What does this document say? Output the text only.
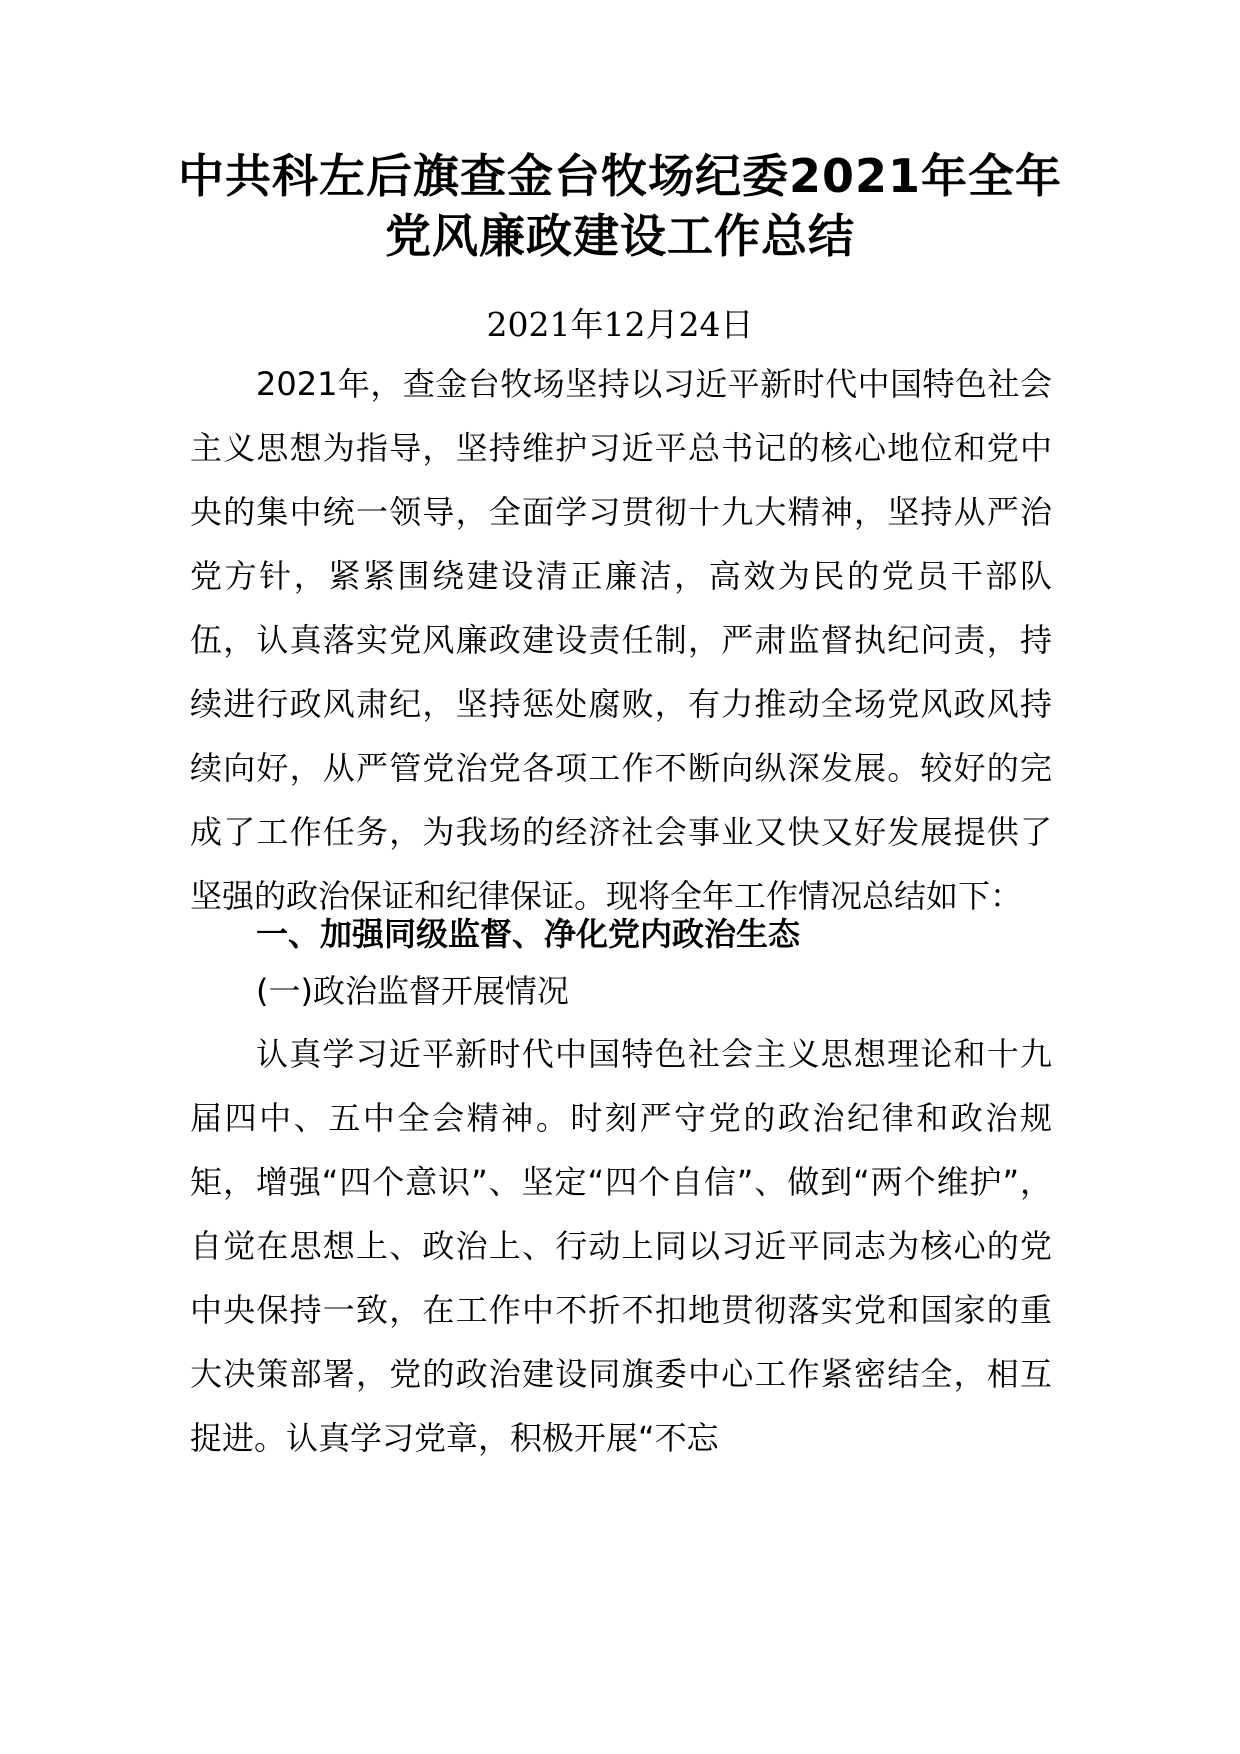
中共科左后旗查金台牧场纪委2021年全年
党风廉政建设工作总结
2021年12月24日
2021年，查金台牧场坚持以习近平新时代中国特色社会主义思想为指导，坚持维护习近平总书记的核心地位和党中央的集中统一领导，全面学习贯彻十九大精神，坚持从严治党方针，紧紧围绕建设清正廉洁，高效为民的党员干部队伍，认真落实党风廉政建设责任制，严肃监督执纪问责，持续进行政风肃纪，坚持惩处腐败，有力推动全场党风政风持续向好，从严管党治党各项工作不断向纵深发展。较好的完成了工作任务，为我场的经济社会事业又快又好发展提供了坚强的政治保证和纪律保证。现将全年工作情况总结如下：
一、加强同级监督、净化党内政治生态
(一)政治监督开展情况
认真学习近平新时代中国特色社会主义思想理论和十九届四中、五中全会精神。时刻严守党的政治纪律和政治规矩，增强“四个意识”、坚定“四个自信”、做到“两个维护”，自觉在思想上、政治上、行动上同以习近平同志为核心的党中央保持一致，在工作中不折不扣地贯彻落实党和国家的重大决策部署，党的政治建设同旗委中心工作紧密结全，相互捉进。认真学习党章，积极开展“不忘
